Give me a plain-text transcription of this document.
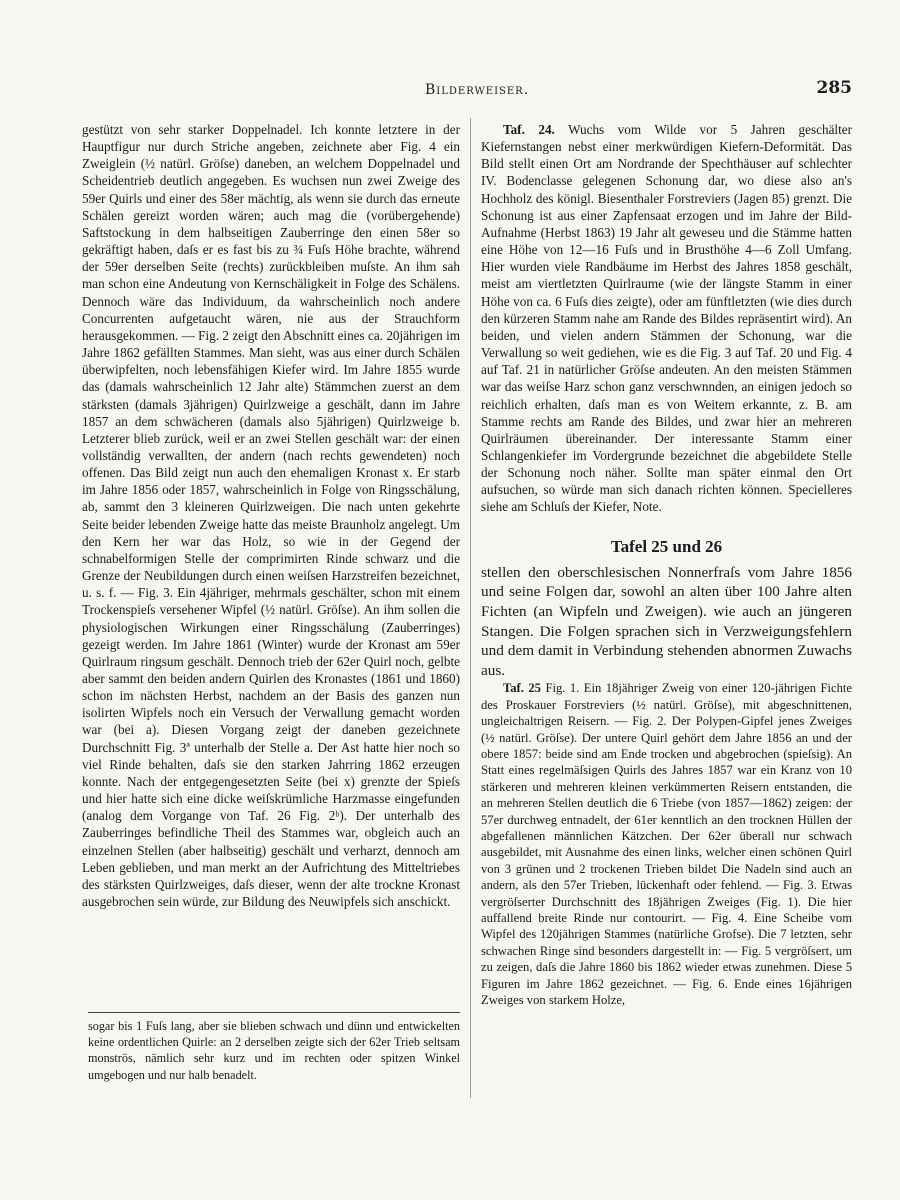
Bilderweiser.	285

gestützt von sehr starker Doppelnadel. Ich konnte letztere in der Hauptfigur nur durch Striche angeben, zeichnete aber Fig. 4 ein Zweiglein (½ natürl. Gröſse) daneben, an welchem Doppelnadel und Scheidentrieb deutlich angegeben. Es wuchsen nun zwei Zweige des 59er Quirls und einer des 58er mächtig, als wenn sie durch das erneute Schälen gereizt worden wären; auch mag die (vorübergehende) Saftstockung in dem halbseitigen Zauberringe den einen 58er so gekräftigt haben, daſs er es fast bis zu ¾ Fuſs Höhe brachte, während der 59er derselben Seite (rechts) zurückbleiben muſste. An ihm sah man schon eine Andeutung von Kernschäligkeit in Folge des Schälens. Dennoch wäre das Individuum, da wahrscheinlich noch andere Concurrenten aufgetaucht wären, nie aus der Strauchform herausgekommen. — Fig. 2 zeigt den Abschnitt eines ca. 20jährigen im Jahre 1862 gefällten Stammes. Man sieht, was aus einer durch Schälen überwipfelten, noch lebensfähigen Kiefer wird. Im Jahre 1855 wurde das (damals wahrscheinlich 12 Jahr alte) Stämmchen zuerst an dem stärksten (damals 3jährigen) Quirlzweige a geschält, dann im Jahre 1857 an dem schwächeren (damals also 5jährigen) Quirlzweige b. Letzterer blieb zurück, weil er an zwei Stellen geschält war: der einen vollständig verwallten, der andern (nach rechts gewendeten) noch offenen. Das Bild zeigt nun auch den ehemaligen Kronast x. Er starb im Jahre 1856 oder 1857, wahrscheinlich in Folge von Ringsschälung, ab, sammt den 3 kleineren Quirlzweigen. Die nach unten gekehrte Seite beider lebenden Zweige hatte das meiste Braunholz angelegt. Um den Kern her war das Holz, so wie in der Gegend der schnabelformigen Stelle der comprimirten Rinde schwarz und die Grenze der Neubildungen durch einen weiſsen Harzstreifen bezeichnet, u. s. f. — Fig. 3. Ein 4jähriger, mehrmals geschälter, schon mit einem Trockenspieſs versehener Wipfel (½ natürl. Gröſse). An ihm sollen die physiologischen Wirkungen einer Ringsschälung (Zauberringes) gezeigt werden. Im Jahre 1861 (Winter) wurde der Kronast am 59er Quirlraum ringsum geschält. Dennoch trieb der 62er Quirl noch, gelbte aber sammt den beiden andern Quirlen des Kronastes (1861 und 1860) schon im nächsten Herbst, nachdem an der Basis des ganzen nun isolirten Wipfels noch ein Versuch der Verwallung gemacht worden war (bei a). Diesen Vorgang zeigt der daneben gezeichnete Durchschnitt Fig. 3ª unterhalb der Stelle a. Der Ast hatte hier noch so viel Rinde behalten, daſs sie den starken Jahrring 1862 erzeugen konnte. Nach der entgegengesetzten Seite (bei x) grenzte der Spieſs und hier hatte sich eine dicke weiſskrümliche Harzmasse eingefunden (analog dem Vorgange von Taf. 26 Fig. 2ᵇ). Der unterhalb des Zauberringes befindliche Theil des Stammes war, obgleich auch an einzelnen Stellen (aber halbseitig) geschält und verharzt, dennoch am Leben geblieben, und man merkt an der Aufrichtung des Mitteltriebes des stärksten Quirlzweiges, daſs dieser, wenn der alte trockne Kronast ausgebrochen sein würde, zur Bildung des Neuwipfels sich anschickt.

sogar bis 1 Fuſs lang, aber sie blieben schwach und dünn und entwickelten keine ordentlichen Quirle: an 2 derselben zeigte sich der 62er Trieb seltsam monströs, nämlich sehr kurz und im rechten oder spitzen Winkel umgebogen und nur halb benadelt.

Taf. 24. Wuchs vom Wilde vor 5 Jahren geschälter Kiefernstangen nebst einer merkwürdigen Kiefern-Deformität. Das Bild stellt einen Ort am Nordrande der Spechthäuser auf schlechter IV. Bodenclasse gelegenen Schonung dar, wo diese also an's Hochholz des königl. Biesenthaler Forstreviers (Jagen 85) grenzt. Die Schonung ist aus einer Zapfensaat erzogen und im Jahre der Bild-Aufnahme (Herbst 1863) 19 Jahr alt geweseu und die Stämme hatten eine Höhe von 12—16 Fuſs und in Brusthöhe 4—6 Zoll Umfang. Hier wurden viele Randbäume im Herbst des Jahres 1858 geschält, meist am viertletzten Quirlraume (wie der längste Stamm in einer Höhe von ca. 6 Fuſs dies zeigte), oder am fünftletzten (wie dies durch den kürzeren Stamm nahe am Rande des Bildes repräsentirt wird). An beiden, und vielen andern Stämmen der Schonung, war die Verwallung so weit gediehen, wie es die Fig. 3 auf Taf. 20 und Fig. 4 auf Taf. 21 in natürlicher Gröſse andeuten. An den meisten Stämmen war das weiſse Harz schon ganz verschwnnden, an einigen jedoch so reichlich erhalten, daſs man es von Weitem erkannte, z. B. am Stamme rechts am Rande des Bildes, und zwar hier an mehreren Quirlräumen übereinander. Der interessante Stamm einer Schlangenkiefer im Vordergrunde bezeichnet die abgebildete Stelle der Schonung noch näher. Sollte man später einmal den Ort aufsuchen, so würde man sich danach richten können. Specielleres siehe am Schluſs der Kiefer, Note.

Tafel 25 und 26

stellen den oberschlesischen Nonnerfraſs vom Jahre 1856 und seine Folgen dar, sowohl an alten über 100 Jahre alten Fichten (an Wipfeln und Zweigen). wie auch an jüngeren Stangen. Die Folgen sprachen sich in Verzweigungsfehlern und dem damit in Verbindung stehenden abnormen Zuwachs aus.

Taf. 25 Fig. 1. Ein 18jähriger Zweig von einer 120-jährigen Fichte des Proskauer Forstreviers (½ natürl. Gröſse), mit abgeschnittenen, ungleichaltrigen Reisern. — Fig. 2. Der Polypen-Gipfel jenes Zweiges (½ natürl. Gröſse). Der untere Quirl gehört dem Jahre 1856 an und der obere 1857: beide sind am Ende trocken und abgebrochen (spieſsig). An Statt eines regelmäſsigen Quirls des Jahres 1857 war ein Kranz von 10 stärkeren und mehreren kleinen verkümmerten Reisern entstanden, die an mehreren Stellen deutlich die 6 Triebe (von 1857—1862) zeigen: der 57er durchweg entnadelt, der 61er kenntlich an den trocknen Hüllen der abgefallenen männlichen Kätzchen. Der 62er überall nur schwach ausgebildet, mit Ausnahme des einen links, welcher einen schönen Quirl von 3 grünen und 2 trockenen Trieben bildet Die Nadeln sind auch an andern, als den 57er Trieben, lückenhaft oder fehlend. — Fig. 3. Etwas vergröſserter Durchschnitt des 18jährigen Zweiges (Fig. 1). Die hier auffallend breite Rinde nur contourirt. — Fig. 4. Eine Scheibe vom Wipfel des 120jährigen Stammes (natürliche Grofse). Die 7 letzten, sehr schwachen Ringe sind besonders dargestellt in: — Fig. 5 vergröſsert, um zu zeigen, daſs die Jahre 1860 bis 1862 wieder etwas zunehmen. Diese 5 Figuren im Jahre 1862 gezeichnet. — Fig. 6. Ende eines 16jährigen Zweiges von starkem Holze,
